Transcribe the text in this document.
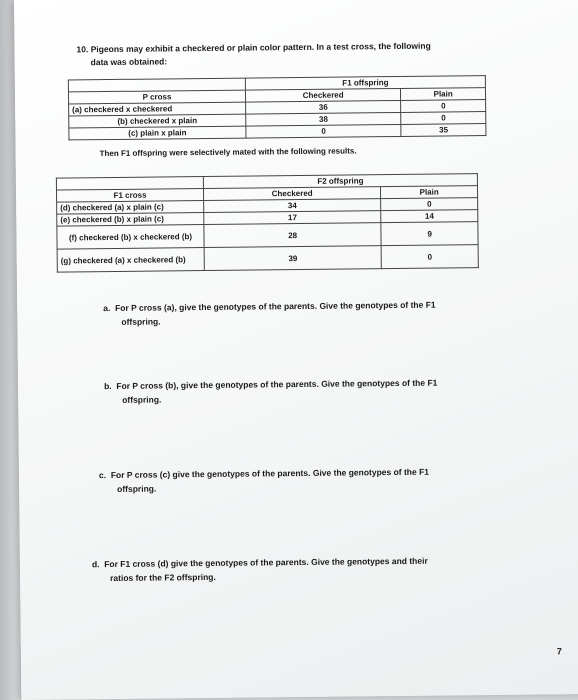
10. Pigeons may exhibit a checkered or plain color pattern. In a test cross, the following
data was obtained:
	F1 offspring	
P cross	Checkered	Plain
(a) checkered x checkered	36	0
(b) checkered x plain	38	0
(c) plain x plain	0	35
Then F1 offspring were selectively mated with the following results.
	F2 offspring	
F1 cross	Checkered	Plain
(d) checkered (a) x plain (c)	34	0
(e) checkered (b) x plain (c)	17	14
(f) checkered (b) x checkered (b)	28	9
(g) checkered (a) x checkered (b)	39	0
a. For P cross (a), give the genotypes of the parents. Give the genotypes of the F1
offspring.
b. For P cross (b), give the genotypes of the parents. Give the genotypes of the F1
offspring.
c. For P cross (c) give the genotypes of the parents. Give the genotypes of the F1
offspring.
d. For F1 cross (d) give the genotypes of the parents. Give the genotypes and their
ratios for the F2 offspring.
7
